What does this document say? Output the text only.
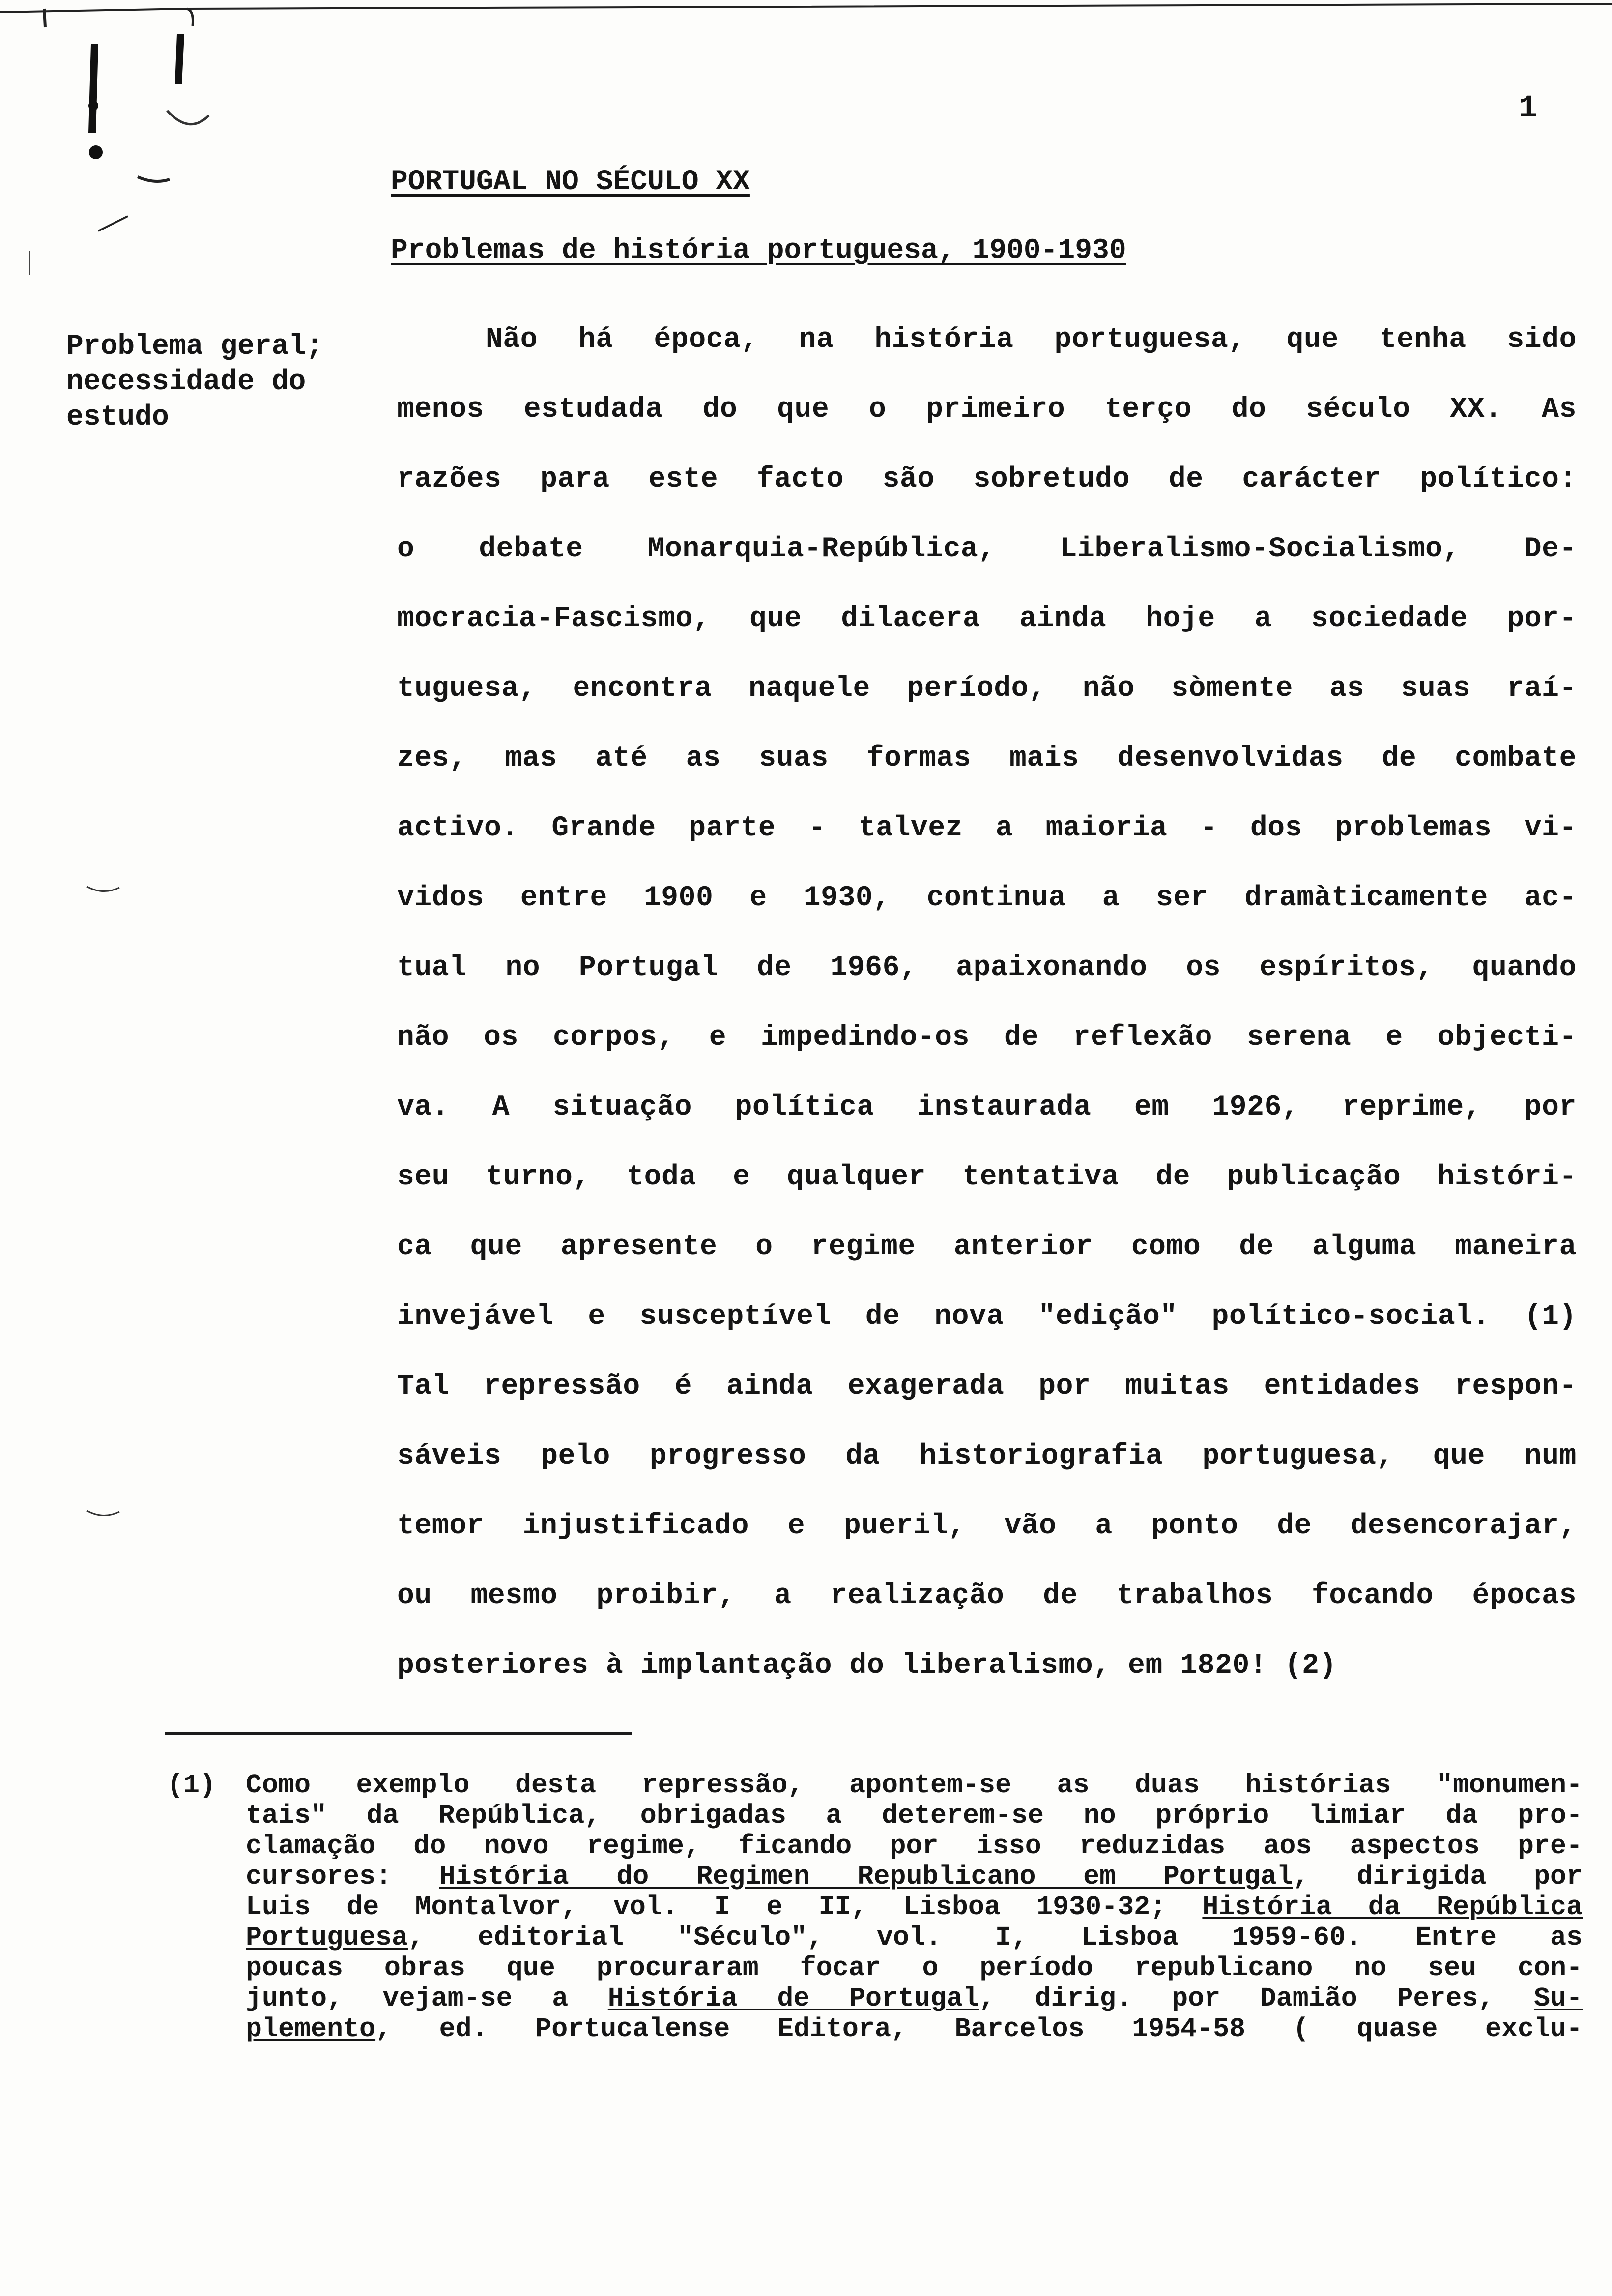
1
PORTUGAL NO SÉCULO XX
Problemas de história portuguesa, 1900-1930
Problema geral;
necessidade do
estudo
Não há época, na história portuguesa, que tenha sido
menos estudada do que o primeiro terço do século XX. As
razões para este facto são sobretudo de carácter político:
o debate Monarquia-República, Liberalismo-Socialismo, De-
mocracia-Fascismo, que dilacera ainda hoje a sociedade por-
tuguesa, encontra naquele período, não sòmente as suas raí-
zes, mas até as suas formas mais desenvolvidas de combate
activo. Grande parte - talvez a maioria - dos problemas vi-
vidos entre 1900 e 1930, continua a ser dramàticamente ac-
tual no Portugal de 1966, apaixonando os espíritos, quando
não os corpos, e impedindo-os de reflexão serena e objecti-
va. A situação política instaurada em 1926, reprime, por
seu turno, toda e qualquer tentativa de publicação históri-
ca que apresente o regime anterior como de alguma maneira
invejável e susceptível de nova "edição" político-social. (1)
Tal repressão é ainda exagerada por muitas entidades respon-
sáveis pelo progresso da historiografia portuguesa, que num
temor injustificado e pueril, vão a ponto de desencorajar,
ou mesmo proibir, a realização de trabalhos focando épocas
posteriores à implantação do liberalismo, em 1820! (2)
(1) Como exemplo desta repressão, apontem-se as duas histórias "monumen-
tais" da República, obrigadas a deterem-se no próprio limiar da pro-
clamação do novo regime, ficando por isso reduzidas aos aspectos pre-
cursores: História do Regimen Republicano em Portugal, dirigida por
Luis de Montalvor, vol. I e II, Lisboa 1930-32; História da República
Portuguesa, editorial "Século", vol. I, Lisboa 1959-60. Entre as
poucas obras que procuraram focar o período republicano no seu con-
junto, vejam-se a História de Portugal, dirig. por Damião Peres, Su-
plemento, ed. Portucalense Editora, Barcelos 1954-58 ( quase exclu-
